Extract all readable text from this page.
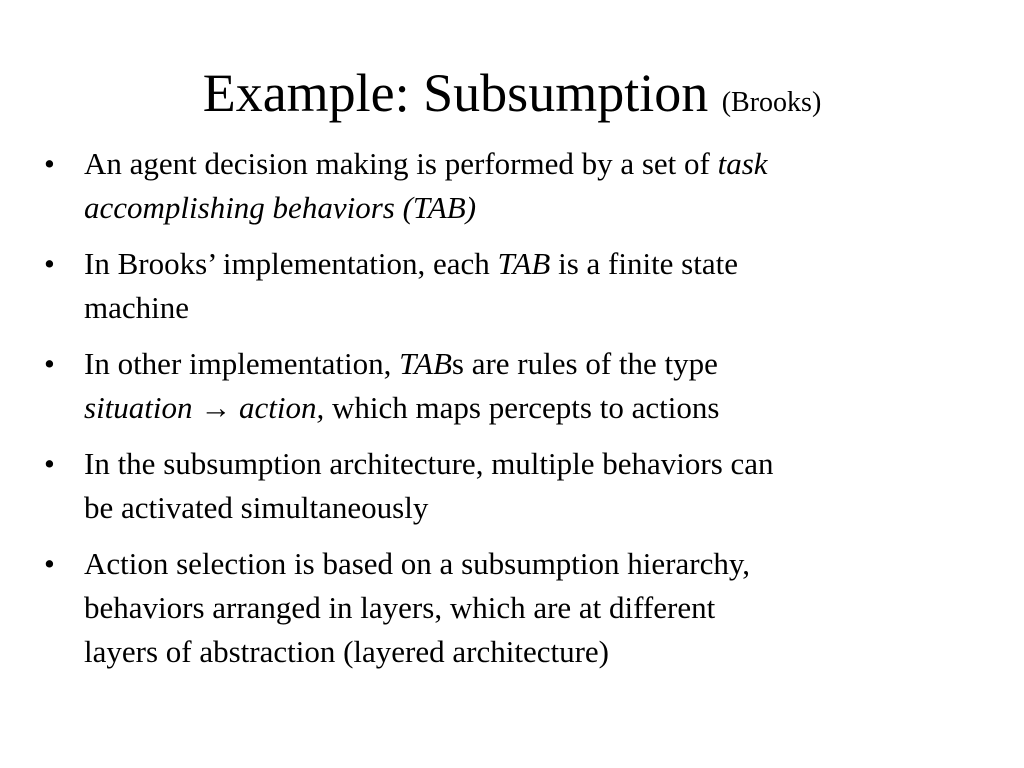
Example: Subsumption (Brooks)
• An agent decision making is performed by a set of task
accomplishing behaviors (TAB)
• In Brooks’ implementation, each TAB is a finite state
machine
• In other implementation, TABs are rules of the type
situation → action, which maps percepts to actions
• In the subsumption architecture, multiple behaviors can
be activated simultaneously
• Action selection is based on a subsumption hierarchy,
behaviors arranged in layers, which are at different
layers of abstraction (layered architecture)
